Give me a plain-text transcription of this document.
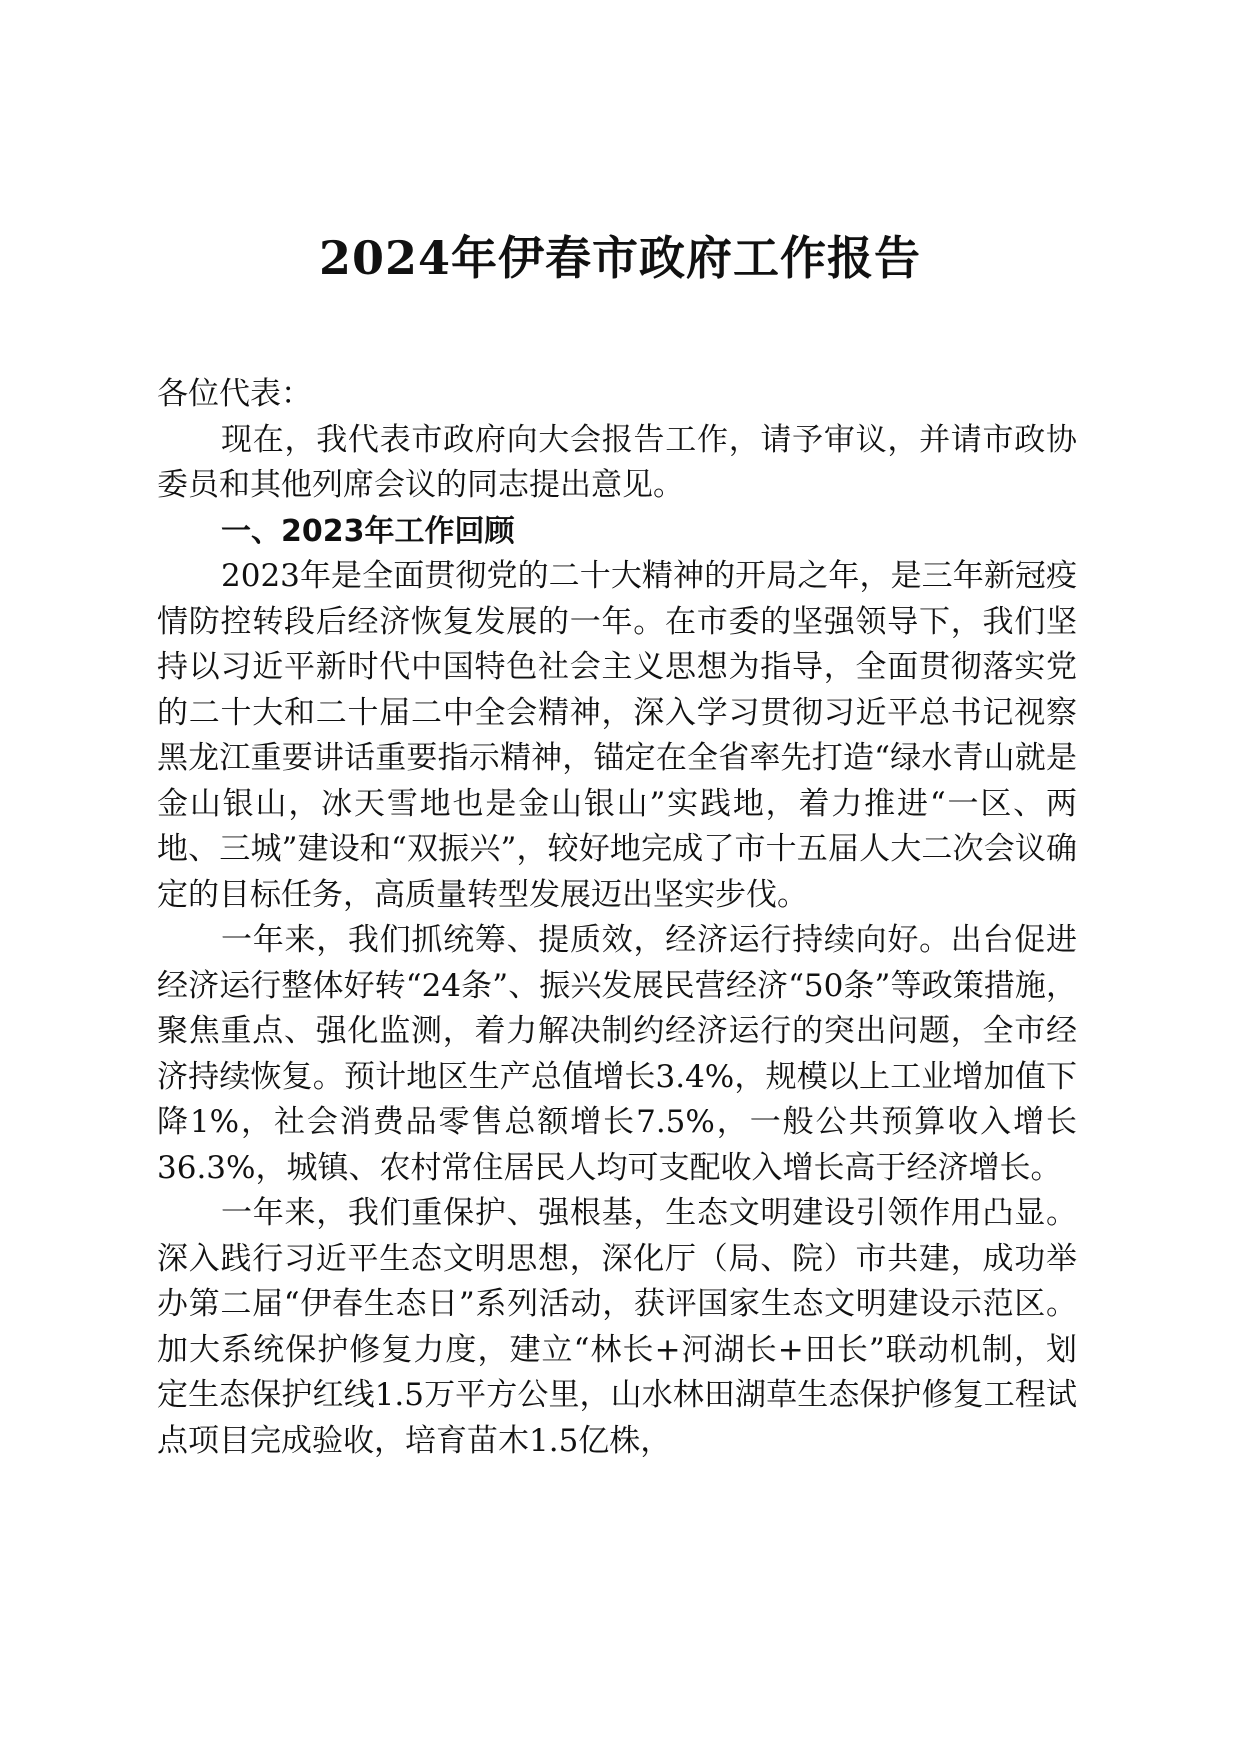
2024年伊春市政府工作报告

各位代表：

现在，我代表市政府向大会报告工作，请予审议，并请市政协委员和其他列席会议的同志提出意见。

一、2023年工作回顾

2023年是全面贯彻党的二十大精神的开局之年，是三年新冠疫情防控转段后经济恢复发展的一年。在市委的坚强领导下，我们坚持以习近平新时代中国特色社会主义思想为指导，全面贯彻落实党的二十大和二十届二中全会精神，深入学习贯彻习近平总书记视察黑龙江重要讲话重要指示精神，锚定在全省率先打造“绿水青山就是金山银山，冰天雪地也是金山银山”实践地，着力推进“一区、两地、三城”建设和“双振兴”，较好地完成了市十五届人大二次会议确定的目标任务，高质量转型发展迈出坚实步伐。

一年来，我们抓统筹、提质效，经济运行持续向好。出台促进经济运行整体好转“24条”、振兴发展民营经济“50条”等政策措施，聚焦重点、强化监测，着力解决制约经济运行的突出问题，全市经济持续恢复。预计地区生产总值增长3.4%，规模以上工业增加值下降1%，社会消费品零售总额增长7.5%，一般公共预算收入增长36.3%，城镇、农村常住居民人均可支配收入增长高于经济增长。

一年来，我们重保护、强根基，生态文明建设引领作用凸显。深入践行习近平生态文明思想，深化厅（局、院）市共建，成功举办第二届“伊春生态日”系列活动，获评国家生态文明建设示范区。加大系统保护修复力度，建立“林长+河湖长+田长”联动机制，划定生态保护红线1.5万平方公里，山水林田湖草生态保护修复工程试点项目完成验收，培育苗木1.5亿株，
